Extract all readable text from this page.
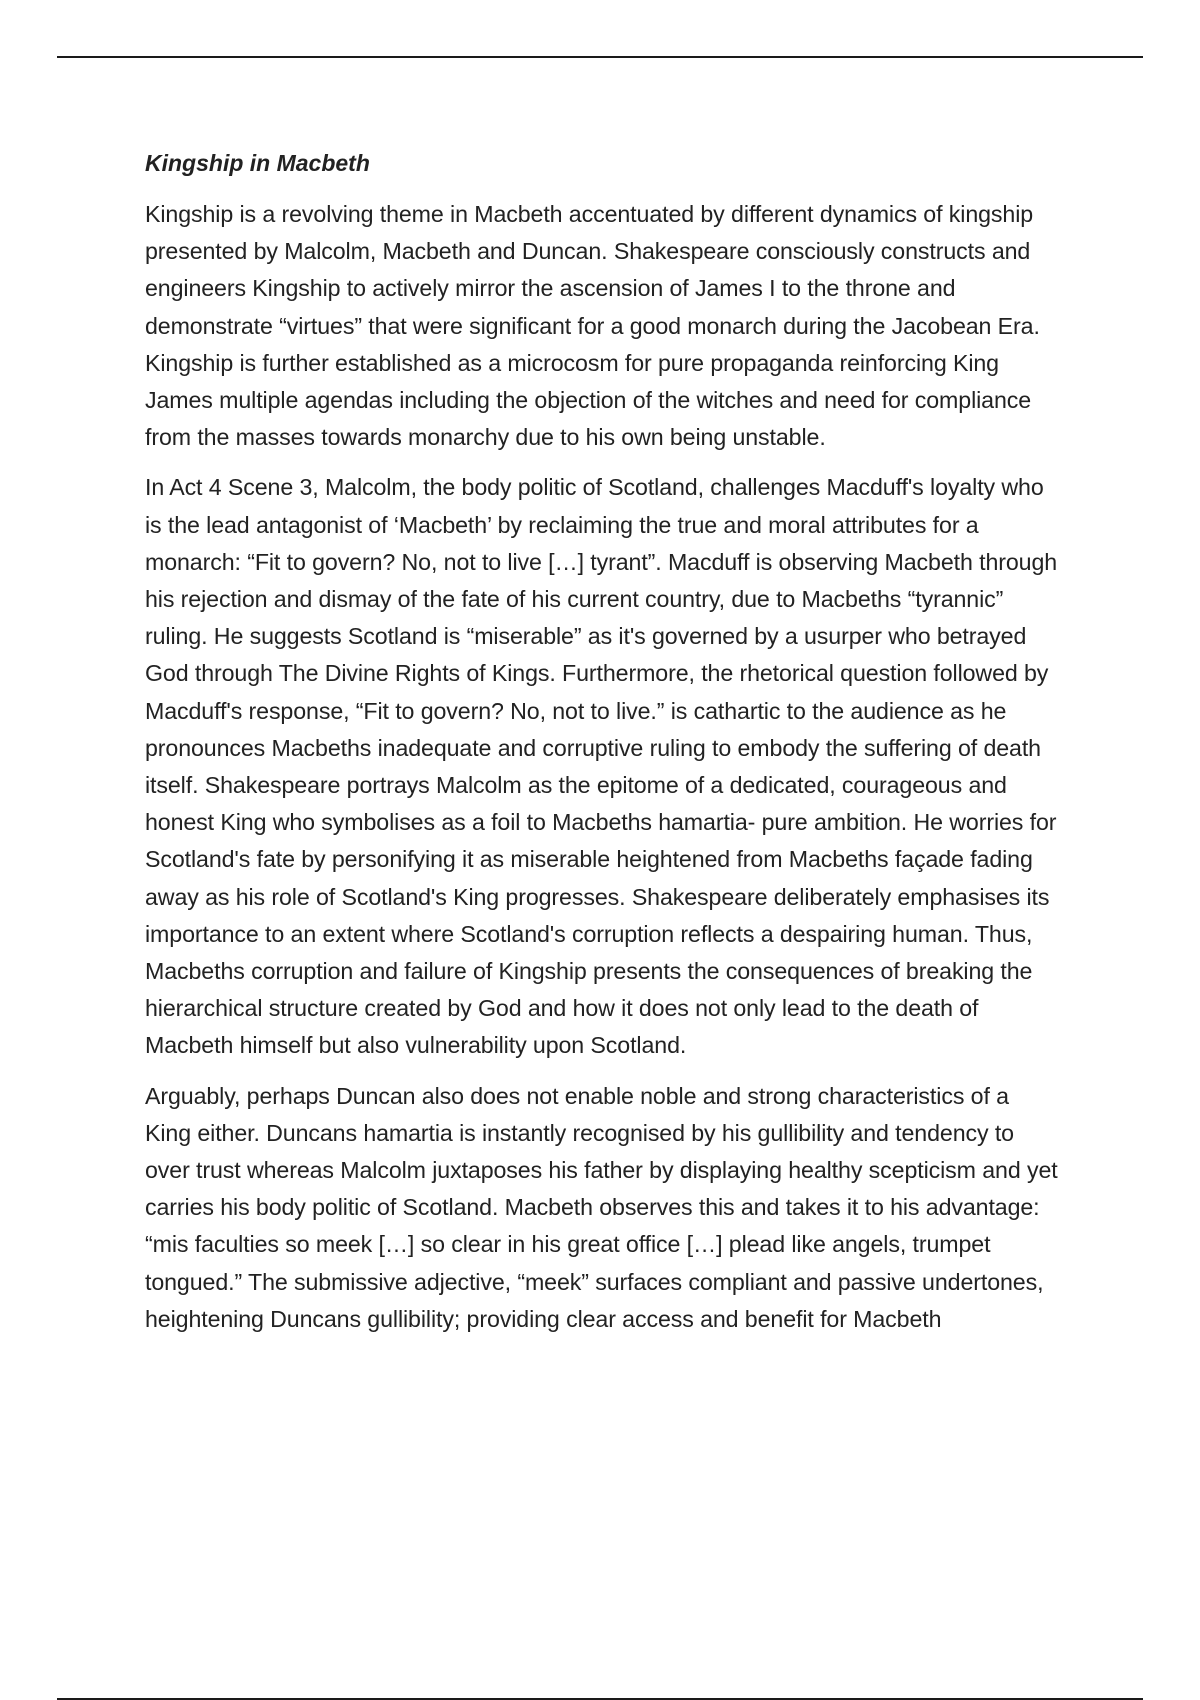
Kingship in Macbeth

Kingship is a revolving theme in Macbeth accentuated by different dynamics of kingship presented by Malcolm, Macbeth and Duncan. Shakespeare consciously constructs and engineers Kingship to actively mirror the ascension of James I to the throne and demonstrate “virtues” that were significant for a good monarch during the Jacobean Era. Kingship is further established as a microcosm for pure propaganda reinforcing King James multiple agendas including the objection of the witches and need for compliance from the masses towards monarchy due to his own being unstable.

In Act 4 Scene 3, Malcolm, the body politic of Scotland, challenges Macduff's loyalty who is the lead antagonist of ‘Macbeth’ by reclaiming the true and moral attributes for a monarch: “Fit to govern? No, not to live […] tyrant”. Macduff is observing Macbeth through his rejection and dismay of the fate of his current country, due to Macbeths “tyrannic” ruling. He suggests Scotland is “miserable” as it's governed by a usurper who betrayed God through The Divine Rights of Kings. Furthermore, the rhetorical question followed by Macduff's response, “Fit to govern? No, not to live.” is cathartic to the audience as he pronounces Macbeths inadequate and corruptive ruling to embody the suffering of death itself. Shakespeare portrays Malcolm as the epitome of a dedicated, courageous and honest King who symbolises as a foil to Macbeths hamartia- pure ambition. He worries for Scotland's fate by personifying it as miserable heightened from Macbeths façade fading away as his role of Scotland's King progresses. Shakespeare deliberately emphasises its importance to an extent where Scotland's corruption reflects a despairing human. Thus, Macbeths corruption and failure of Kingship presents the consequences of breaking the hierarchical structure created by God and how it does not only lead to the death of Macbeth himself but also vulnerability upon Scotland.

Arguably, perhaps Duncan also does not enable noble and strong characteristics of a King either. Duncans hamartia is instantly recognised by his gullibility and tendency to over trust whereas Malcolm juxtaposes his father by displaying healthy scepticism and yet carries his body politic of Scotland. Macbeth observes this and takes it to his advantage: “mis faculties so meek […] so clear in his great office […] plead like angels, trumpet tongued.” The submissive adjective, “meek” surfaces compliant and passive undertones, heightening Duncans gullibility; providing clear access and benefit for Macbeth
